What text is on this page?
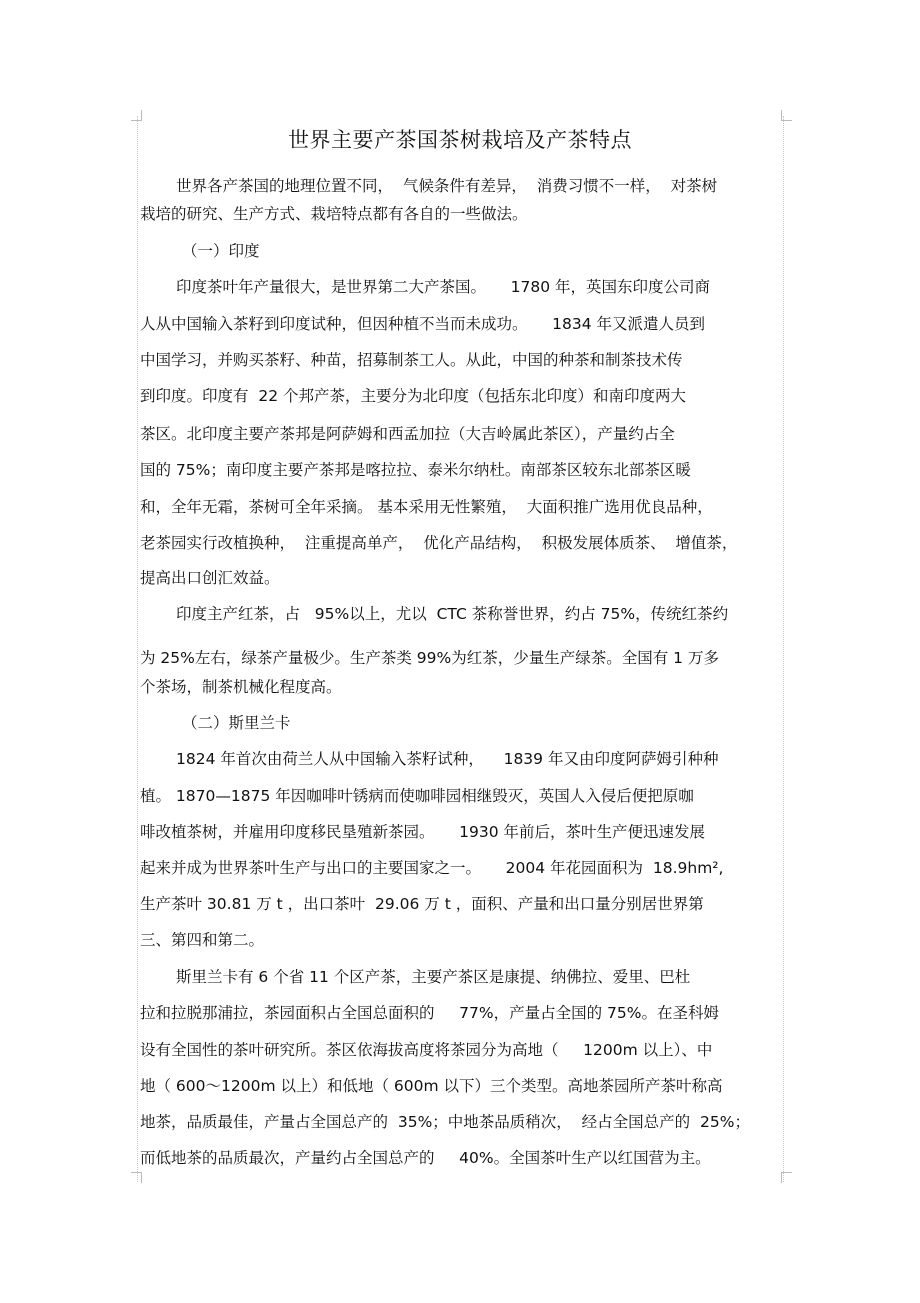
世界主要产茶国茶树栽培及产茶特点
世界各产茶国的地理位置不同，  气候条件有差异，  消费习惯不一样，  对茶树
栽培的研究、生产方式、栽培特点都有各自的一些做法。
（一）印度
印度茶叶年产量很大，是世界第二大产茶国。     1780 年，英国东印度公司商
人从中国输入茶籽到印度试种，但因种植不当而未成功。     1834 年又派遣人员到
中国学习，并购买茶籽、种苗，招募制茶工人。从此，中国的种茶和制茶技术传
到印度。印度有  22 个邦产茶，主要分为北印度（包括东北印度）和南印度两大
茶区。北印度主要产茶邦是阿萨姆和西孟加拉（大吉岭属此茶区），产量约占全
国的 75%；南印度主要产茶邦是喀拉拉、泰米尔纳杜。南部茶区较东北部茶区暖
和，全年无霜，茶树可全年采摘。 基本采用无性繁殖，  大面积推广选用优良品种，
老茶园实行改植换种，  注重提高单产，  优化产品结构，  积极发展体质茶、  增值茶，
提高出口创汇效益。
印度主产红茶，占   95%以上，尤以  CTC 茶称誉世界，约占 75%，传统红茶约
为 25%左右，绿茶产量极少。生产茶类 99%为红茶，少量生产绿茶。全国有 1 万多
个茶场，制茶机械化程度高。
（二）斯里兰卡
1824 年首次由荷兰人从中国输入茶籽试种，    1839 年又由印度阿萨姆引种种
植。 1870—1875 年因咖啡叶锈病而使咖啡园相继毁灭，英国人入侵后便把原咖
啡改植茶树，并雇用印度移民垦殖新茶园。     1930 年前后，茶叶生产便迅速发展
起来并成为世界茶叶生产与出口的主要国家之一。     2004 年花园面积为  18.9hm²,
生产茶叶 30.81 万 t ，出口茶叶  29.06 万 t ，面积、产量和出口量分别居世界第
三、第四和第二。
斯里兰卡有 6 个省 11 个区产茶，主要产茶区是康提、纳佛拉、爱里、巴杜
拉和拉脱那浦拉，茶园面积占全国总面积的     77%，产量占全国的 75%。在圣科姆
设有全国性的茶叶研究所。茶区依海拔高度将茶园分为高地（     1200m 以上）、中
地（ 600～1200m 以上）和低地（ 600m 以下）三个类型。高地茶园所产茶叶称高
地茶，品质最佳，产量占全国总产的  35%；中地茶品质稍次，  经占全国总产的  25%；
而低地茶的品质最次，产量约占全国总产的     40%。全国茶叶生产以红国营为主。
